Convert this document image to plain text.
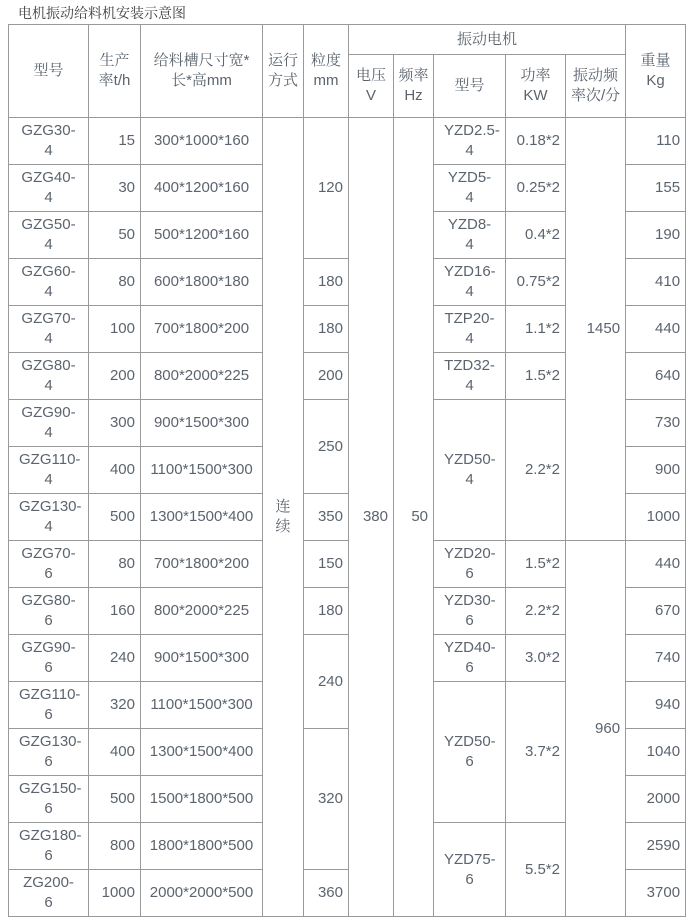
电机振动给料机安装示意图
型号	生产率t/h	给料槽尺寸宽*长*高mm	运行方式	粒度mm	振动电机					重量Kg
					电压V	频率Hz	型号	功率KW	振动频率次/分	
GZG30-4	15	300*1000*160	连续	120	380	50	YZD2.5-4	0.18*2	1450	110
GZG40-4	30	400*1200*160					YZD5-4	0.25*2		155
GZG50-4	50	500*1200*160					YZD8-4	0.4*2		190
GZG60-4	80	600*1800*180		180			YZD16-4	0.75*2		410
GZG70-4	100	700*1800*200		180			TZP20-4	1.1*2		440
GZG80-4	200	800*2000*225		200			TZD32-4	1.5*2		640
GZG90-4	300	900*1500*300		250			YZD50-4	2.2*2		730
GZG110-4	400	1100*1500*300								900
GZG130-4	500	1300*1500*400		350						1000
GZG70-6	80	700*1800*200		150			YZD20-6	1.5*2	960	440
GZG80-6	160	800*2000*225		180			YZD30-6	2.2*2		670
GZG90-6	240	900*1500*300		240			YZD40-6	3.0*2		740
GZG110-6	320	1100*1500*300					YZD50-6	3.7*2		940
GZG130-6	400	1300*1500*400		320						1040
GZG150-6	500	1500*1800*500								2000
GZG180-6	800	1800*1800*500					YZD75-6	5.5*2		2590
ZG200-6	1000	2000*2000*500		360						3700
